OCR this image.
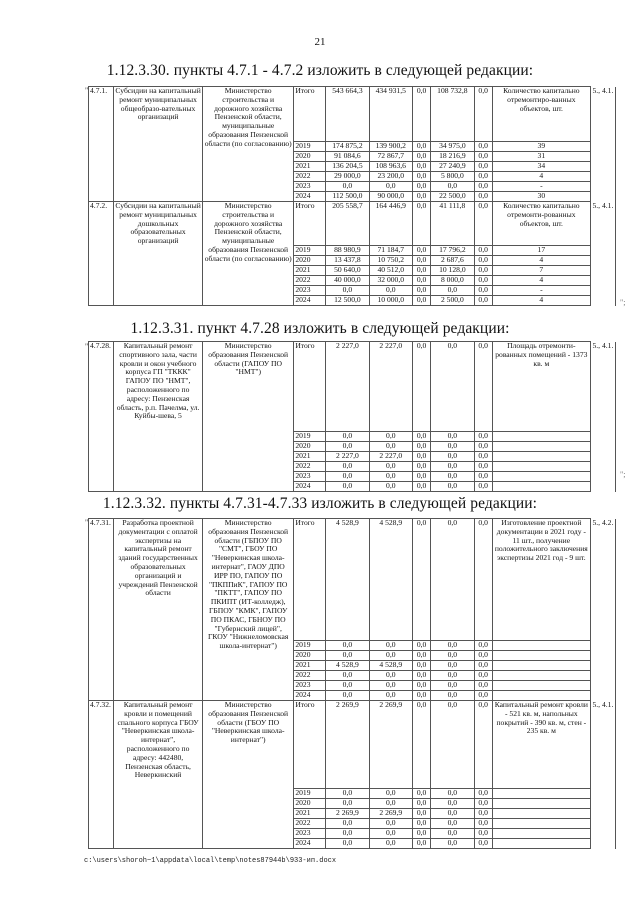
21
1.12.3.30. пункты 4.7.1 - 4.7.2 изложить в следующей редакции:
1.12.3.31. пункт 4.7.28 изложить в следующей редакции:
1.12.3.32. пункты 4.7.31-4.7.33 изложить в следующей редакции:
"
"
"
";
";
4.7.1.	Субсидии на капитальный ремонт муниципальных общеобразо-вательных организаций	Министерство строительства и дорожного хозяйства Пензенской области, муниципальные образования Пензенской области (по согласованию)	Итого	543 664,3	434 931,5	0,0	108 732,8	0,0	Количество капитально отремонтиро-ванных объектов, шт.	5., 4.1.
			2019	174 875,2	139 900,2	0,0	34 975,0	0,0	39	
			2020	91 084,6	72 867,7	0,0	18 216,9	0,0	31	
			2021	136 204,5	108 963,6	0,0	27 240,9	0,0	34	
			2022	29 000,0	23 200,0	0,0	5 800,0	0,0	4	
			2023	0,0	0,0	0,0	0,0	0,0	-	
			2024	112 500,0	90 000,0	0,0	22 500,0	0,0	30	
4.7.2.	Субсидии на капитальный ремонт муниципальных дошкольных образовательных организаций	Министерство строительства и дорожного хозяйства Пензенской области, муниципальные образования Пензенской области (по согласованию)	Итого	205 558,7	164 446,9	0,0	41 111,8	0,0	Количество капитально отремонти-рованных объектов, шт.	5., 4.1.
			2019	88 980,9	71 184,7	0,0	17 796,2	0,0	17	
			2020	13 437,8	10 750,2	0,0	2 687,6	0,0	4	
			2021	50 640,0	40 512,0	0,0	10 128,0	0,0	7	
			2022	40 000,0	32 000,0	0,0	8 000,0	0,0	4	
			2023	0,0	0,0	0,0	0,0	0,0	-	
			2024	12 500,0	10 000,0	0,0	2 500,0	0,0	4	
4.7.28.	Капитальный ремонт спортивного зала, части кровли и окон учебного корпуса ГП "ТККК" ГАПОУ ПО "НМТ", расположенного по адресу: Пензенская область, р.п. Пачелма, ул. Куйбы-шева, 5	Министерство образования Пензенской области (ГАПОУ ПО "НМТ")	Итого	2 227,0	2 227,0	0,0	0,0	0,0	Площадь отремонти-рованных помещений - 1373 кв. м	5., 4.1.
			2019	0,0	0,0	0,0	0,0	0,0		
			2020	0,0	0,0	0,0	0,0	0,0		
			2021	2 227,0	2 227,0	0,0	0,0	0,0		
			2022	0,0	0,0	0,0	0,0	0,0		
			2023	0,0	0,0	0,0	0,0	0,0		
			2024	0,0	0,0	0,0	0,0	0,0		
4.7.31.	Разработка проектной документации с оплатой экспертизы на капитальный ремонт зданий государственных образовательных организаций и учреждений Пензенской области	Министерство образования Пензенской области (ГБПОУ ПО "СМТ", ГБОУ ПО "Неверкинская школа-интернат", ГАОУ ДПО ИРР ПО, ГАПОУ ПО "ПКППиК", ГАПОУ ПО "ПКТТ", ГАПОУ ПО ПКИПТ (ИТ-колледж), ГБПОУ "КМК", ГАПОУ ПО ПКАС, ГБНОУ ПО "Губернский лицей", ГКОУ "Нижнеломовская школа-интернат")	Итого	4 528,9	4 528,9	0,0	0,0	0,0	Изготовление проектной документации в 2021 году - 11 шт., получение положительного заключения экспертизы 2021 год - 9 шт.	5., 4.2.
			2019	0,0	0,0	0,0	0,0	0,0		
			2020	0,0	0,0	0,0	0,0	0,0		
			2021	4 528,9	4 528,9	0,0	0,0	0,0		
			2022	0,0	0,0	0,0	0,0	0,0		
			2023	0,0	0,0	0,0	0,0	0,0		
			2024	0,0	0,0	0,0	0,0	0,0		
4.7.32.	Капитальный ремонт кровли и помещений спального корпуса ГБОУ "Неверкинская школа-интернат", расположенного по адресу: 442480, Пензенская область, Неверкинский	Министерство образования Пензенской области (ГБОУ ПО "Неверкинская школа-интернат")	Итого	2 269,9	2 269,9	0,0	0,0	0,0	Капитальный ремонт кровли - 521 кв. м, напольных покрытий - 390 кв. м, стен - 235 кв. м	5., 4.1.
			2019	0,0	0,0	0,0	0,0	0,0		
			2020	0,0	0,0	0,0	0,0	0,0		
			2021	2 269,9	2 269,9	0,0	0,0	0,0		
			2022	0,0	0,0	0,0	0,0	0,0		
			2023	0,0	0,0	0,0	0,0	0,0		
			2024	0,0	0,0	0,0	0,0	0,0		
c:\users\shoroh~1\appdata\local\temp\notes87944b\933-ип.docx
